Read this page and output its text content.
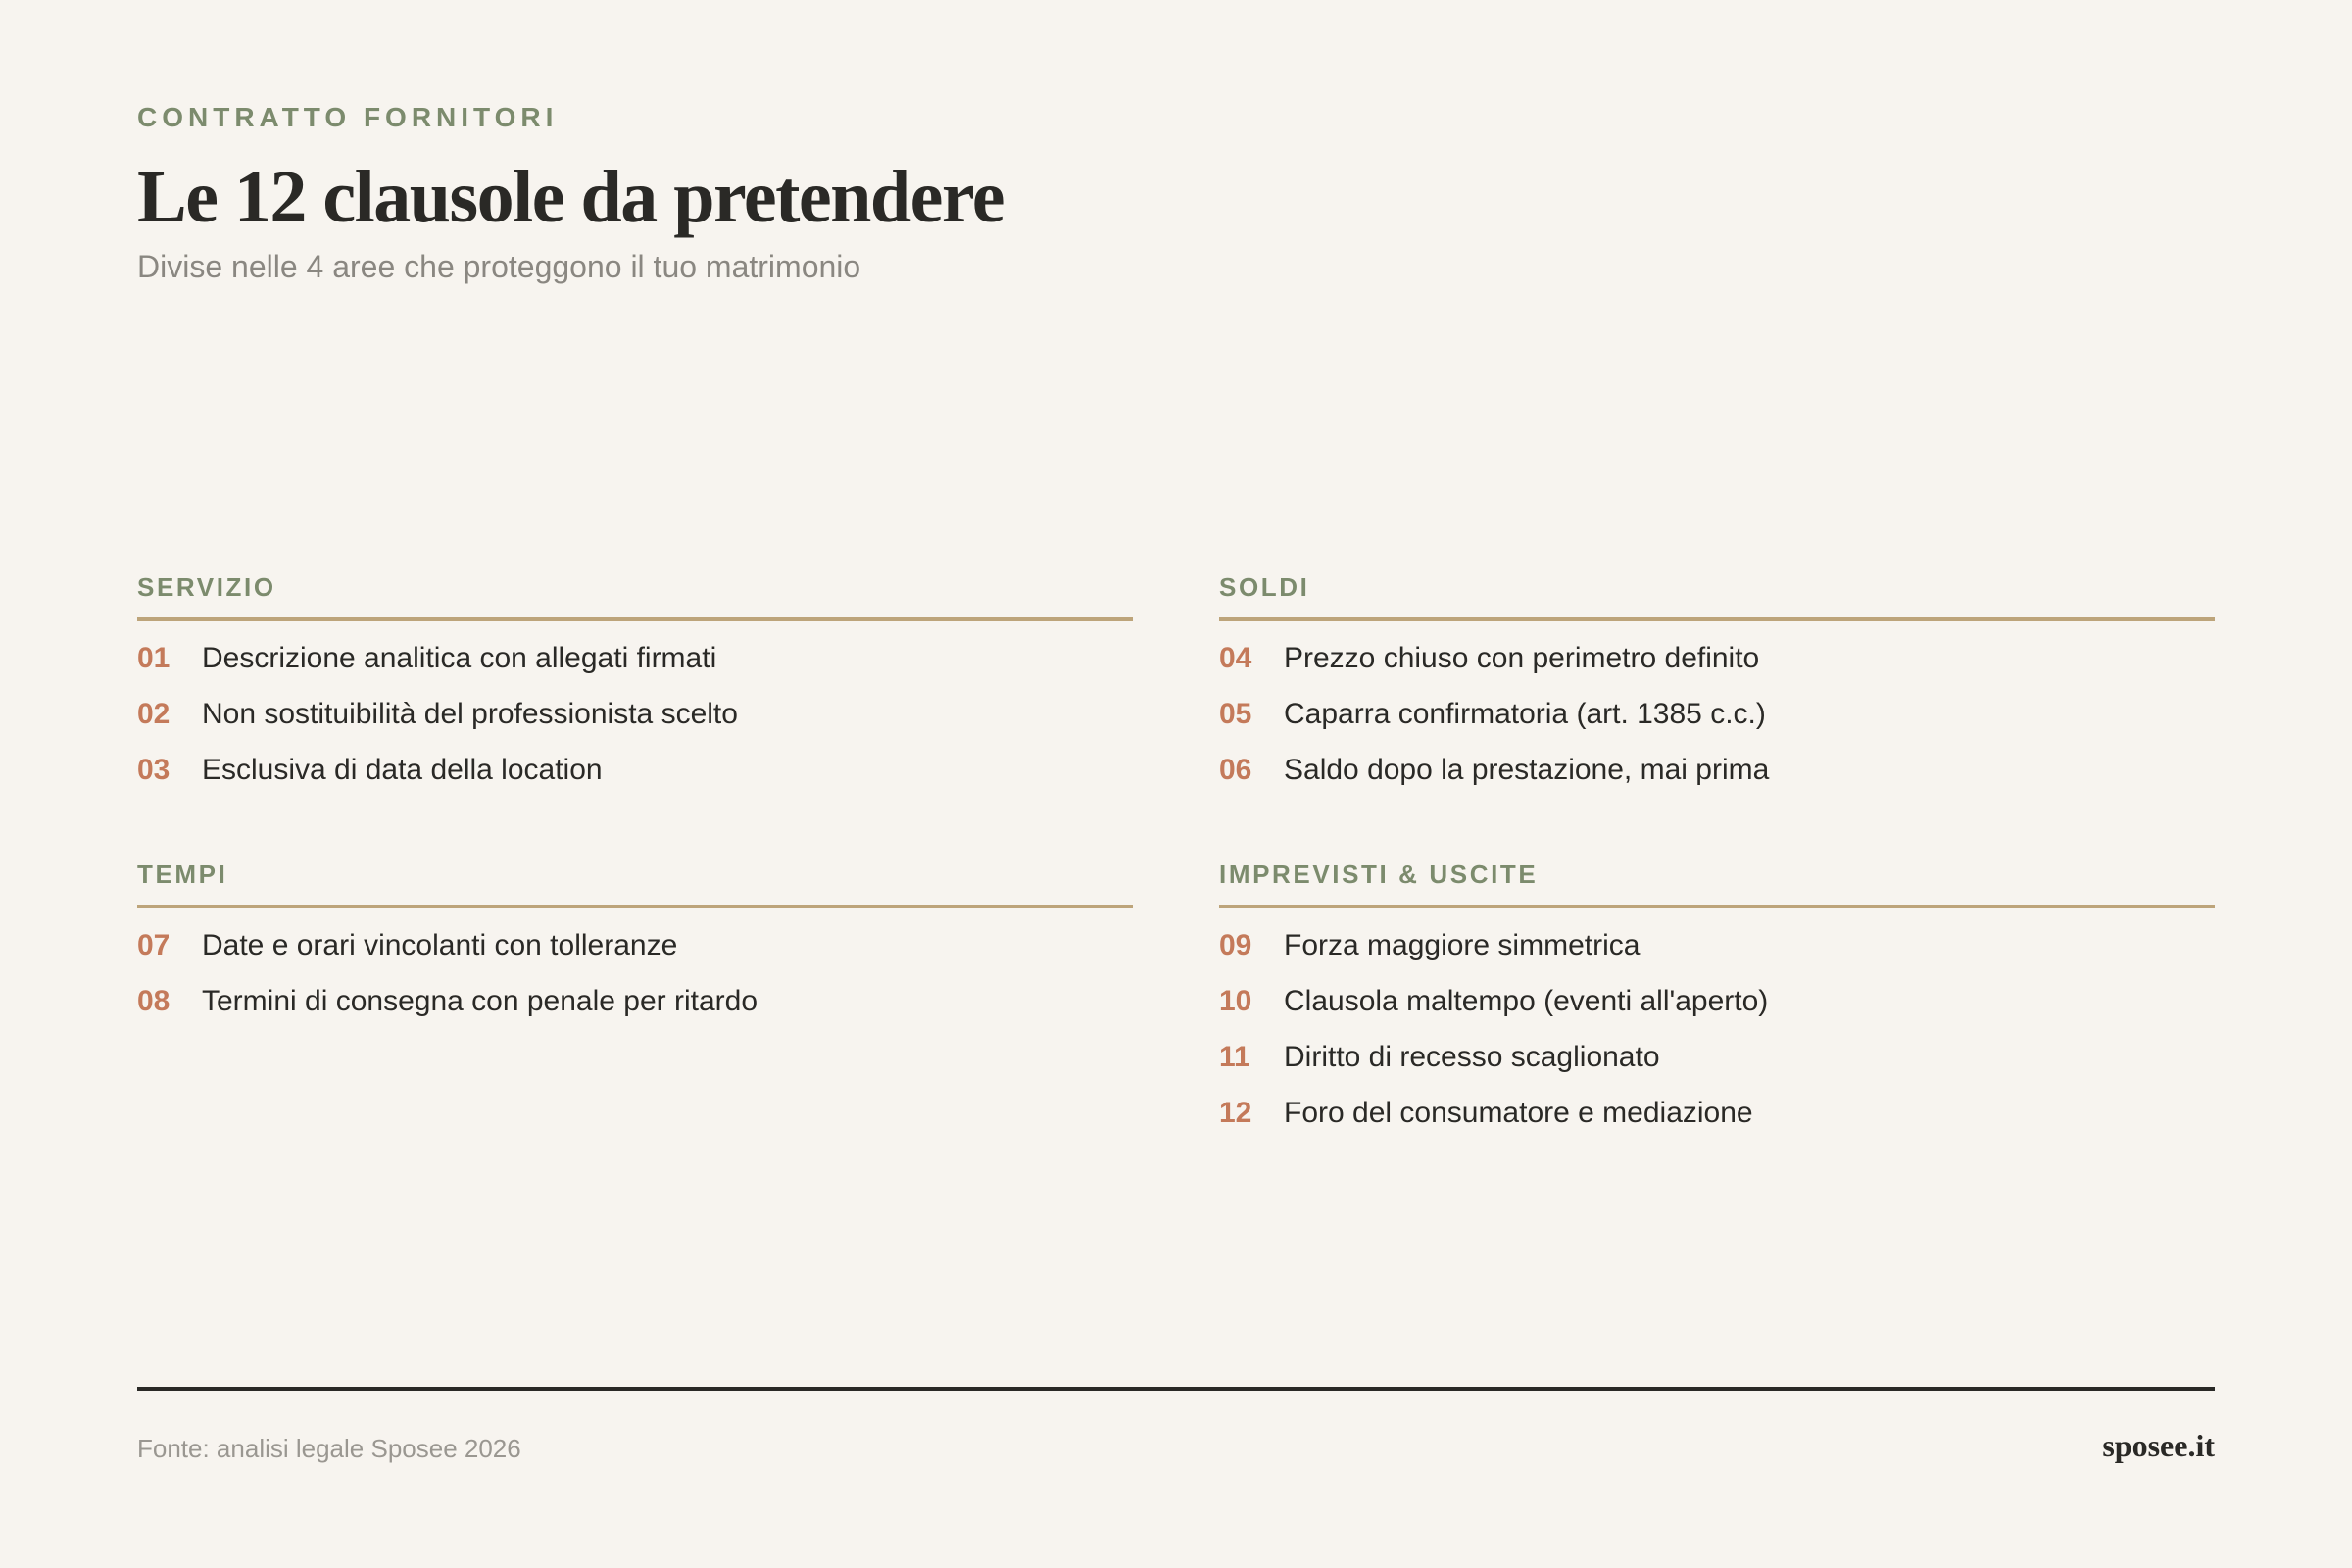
CONTRATTO FORNITORI
Le 12 clausole da pretendere
Divise nelle 4 aree che proteggono il tuo matrimonio
SERVIZIO
01	Descrizione analitica con allegati firmati
02	Non sostituibilità del professionista scelto
03	Esclusiva di data della location
SOLDI
04	Prezzo chiuso con perimetro definito
05	Caparra confirmatoria (art. 1385 c.c.)
06	Saldo dopo la prestazione, mai prima
TEMPI
07	Date e orari vincolanti con tolleranze
08	Termini di consegna con penale per ritardo
IMPREVISTI & USCITE
09	Forza maggiore simmetrica
10	Clausola maltempo (eventi all'aperto)
11	Diritto di recesso scaglionato
12	Foro del consumatore e mediazione
Fonte: analisi legale Sposee 2026	sposee.it
